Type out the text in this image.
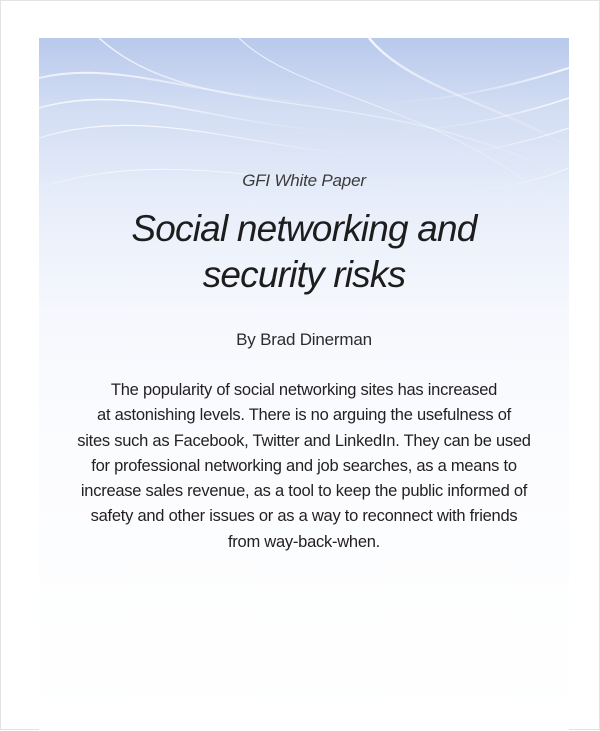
GFI White Paper
Social networking and
security risks
By Brad Dinerman
The popularity of social networking sites has increased
at astonishing levels. There is no arguing the usefulness of
sites such as Facebook, Twitter and LinkedIn. They can be used
for professional networking and job searches, as a means to
increase sales revenue, as a tool to keep the public informed of
safety and other issues or as a way to reconnect with friends
from way-back-when.
